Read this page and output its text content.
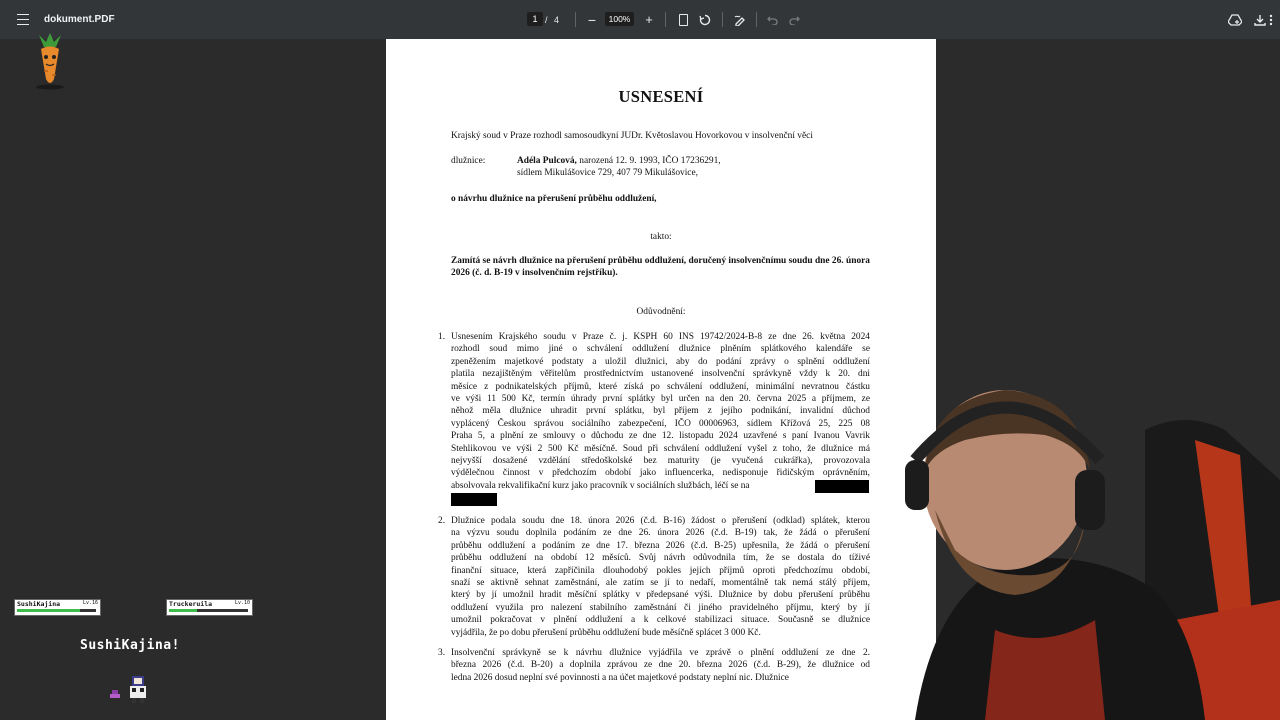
dokument.PDF	1 / 4 −	100% +
USNESENÍ
Krajský soud v Praze rozhodl samosoudkyní JUDr. Květoslavou Hovorkovou v insolvenční věci
dlužnice:	Adéla Pulcová, narozená 12. 9. 1993, IČO 17236291,
sídlem Mikulášovice 729, 407 79 Mikulášovice,
o návrhu dlužnice na přerušení průběhu oddlužení,
takto:
Zamítá se návrh dlužnice na přerušení průběhu oddlužení, doručený insolvenčnímu soudu dne 26. února 2026 (č. d. B-19 v insolvenčním rejstříku).
Odůvodnění:
1. Usnesením Krajského soudu v Praze č. j. KSPH 60 INS 19742/2024-B-8 ze dne 26. května 2024
rozhodl soud mimo jiné o schválení oddlužení dlužnice plněním splátkového kalendáře se
zpeněžením majetkové podstaty a uložil dlužnici, aby do podání zprávy o splnění oddlužení
platila nezajištěným věřitelům prostřednictvím ustanovené insolvenční správkyně vždy k 20. dni
měsíce z podnikatelských příjmů, které získá po schválení oddlužení, minimální nevratnou částku
ve výši 11 500 Kč, termín úhrady první splátky byl určen na den 20. června 2025 a příjmem, ze
něhož měla dlužnice uhradit první splátku, byl příjem z jejího podnikání, invalidní důchod
vyplácený Českou správou sociálního zabezpečení, IČO 00006963, sídlem Křížová 25, 225 08
Praha 5, a plnění ze smlouvy o důchodu ze dne 12. listopadu 2024 uzavřené s paní Ivanou Vavrik
Stehlikovou ve výši 2 500 Kč měsíčně. Soud při schválení oddlužení vyšel z toho, že dlužnice má
nejvyšší dosažené vzdělání středoškolské bez maturity (je vyučená cukrářka), provozovala
výdělečnou činnost v předchozím období jako influencerka, nedisponuje řidičským oprávněním,
absolvovala rekvalifikační kurz jako pracovník v sociálních službách, léčí se na
2. Dlužnice podala soudu dne 18. února 2026 (č.d. B-16) žádost o přerušení (odklad) splátek, kterou
na výzvu soudu doplnila podáním ze dne 26. února 2026 (č.d. B-19) tak, že žádá o přerušení
průběhu oddlužení a podáním ze dne 17. března 2026 (č.d. B-25) upřesnila, že žádá o přerušení
průběhu oddlužení na období 12 měsíců. Svůj návrh odůvodnila tím, že se dostala do tíživé
finanční situace, která zapříčinila dlouhodobý pokles jejích příjmů oproti předchozímu období,
snaží se aktivně sehnat zaměstnání, ale zatím se jí to nedaří, momentálně tak nemá stálý příjem,
který by jí umožnil hradit měsíční splátky v předepsané výši. Dlužnice by dobu přerušení průběhu
oddlužení využila pro nalezení stabilního zaměstnání či jiného pravidelného příjmu, který by jí
umožnil pokračovat v plnění oddlužení a k celkové stabilizaci situace. Současně se dlužnice
vyjádřila, že po dobu přerušení průběhu oddlužení bude měsíčně splácet 3 000 Kč.
3. Insolvenční správkyně se k návrhu dlužnice vyjádřila ve zprávě o plnění oddlužení ze dne 2.
března 2026 (č.d. B-20) a doplnila zprávou ze dne 20. března 2026 (č.d. B-29), že dlužnice od
ledna 2026 dosud neplní své povinnosti a na účet majetkové podstaty neplní nic. Dlužnice
SushiKajina	Lv.16	Truckeruila	Lv.10
SushiKajina!
